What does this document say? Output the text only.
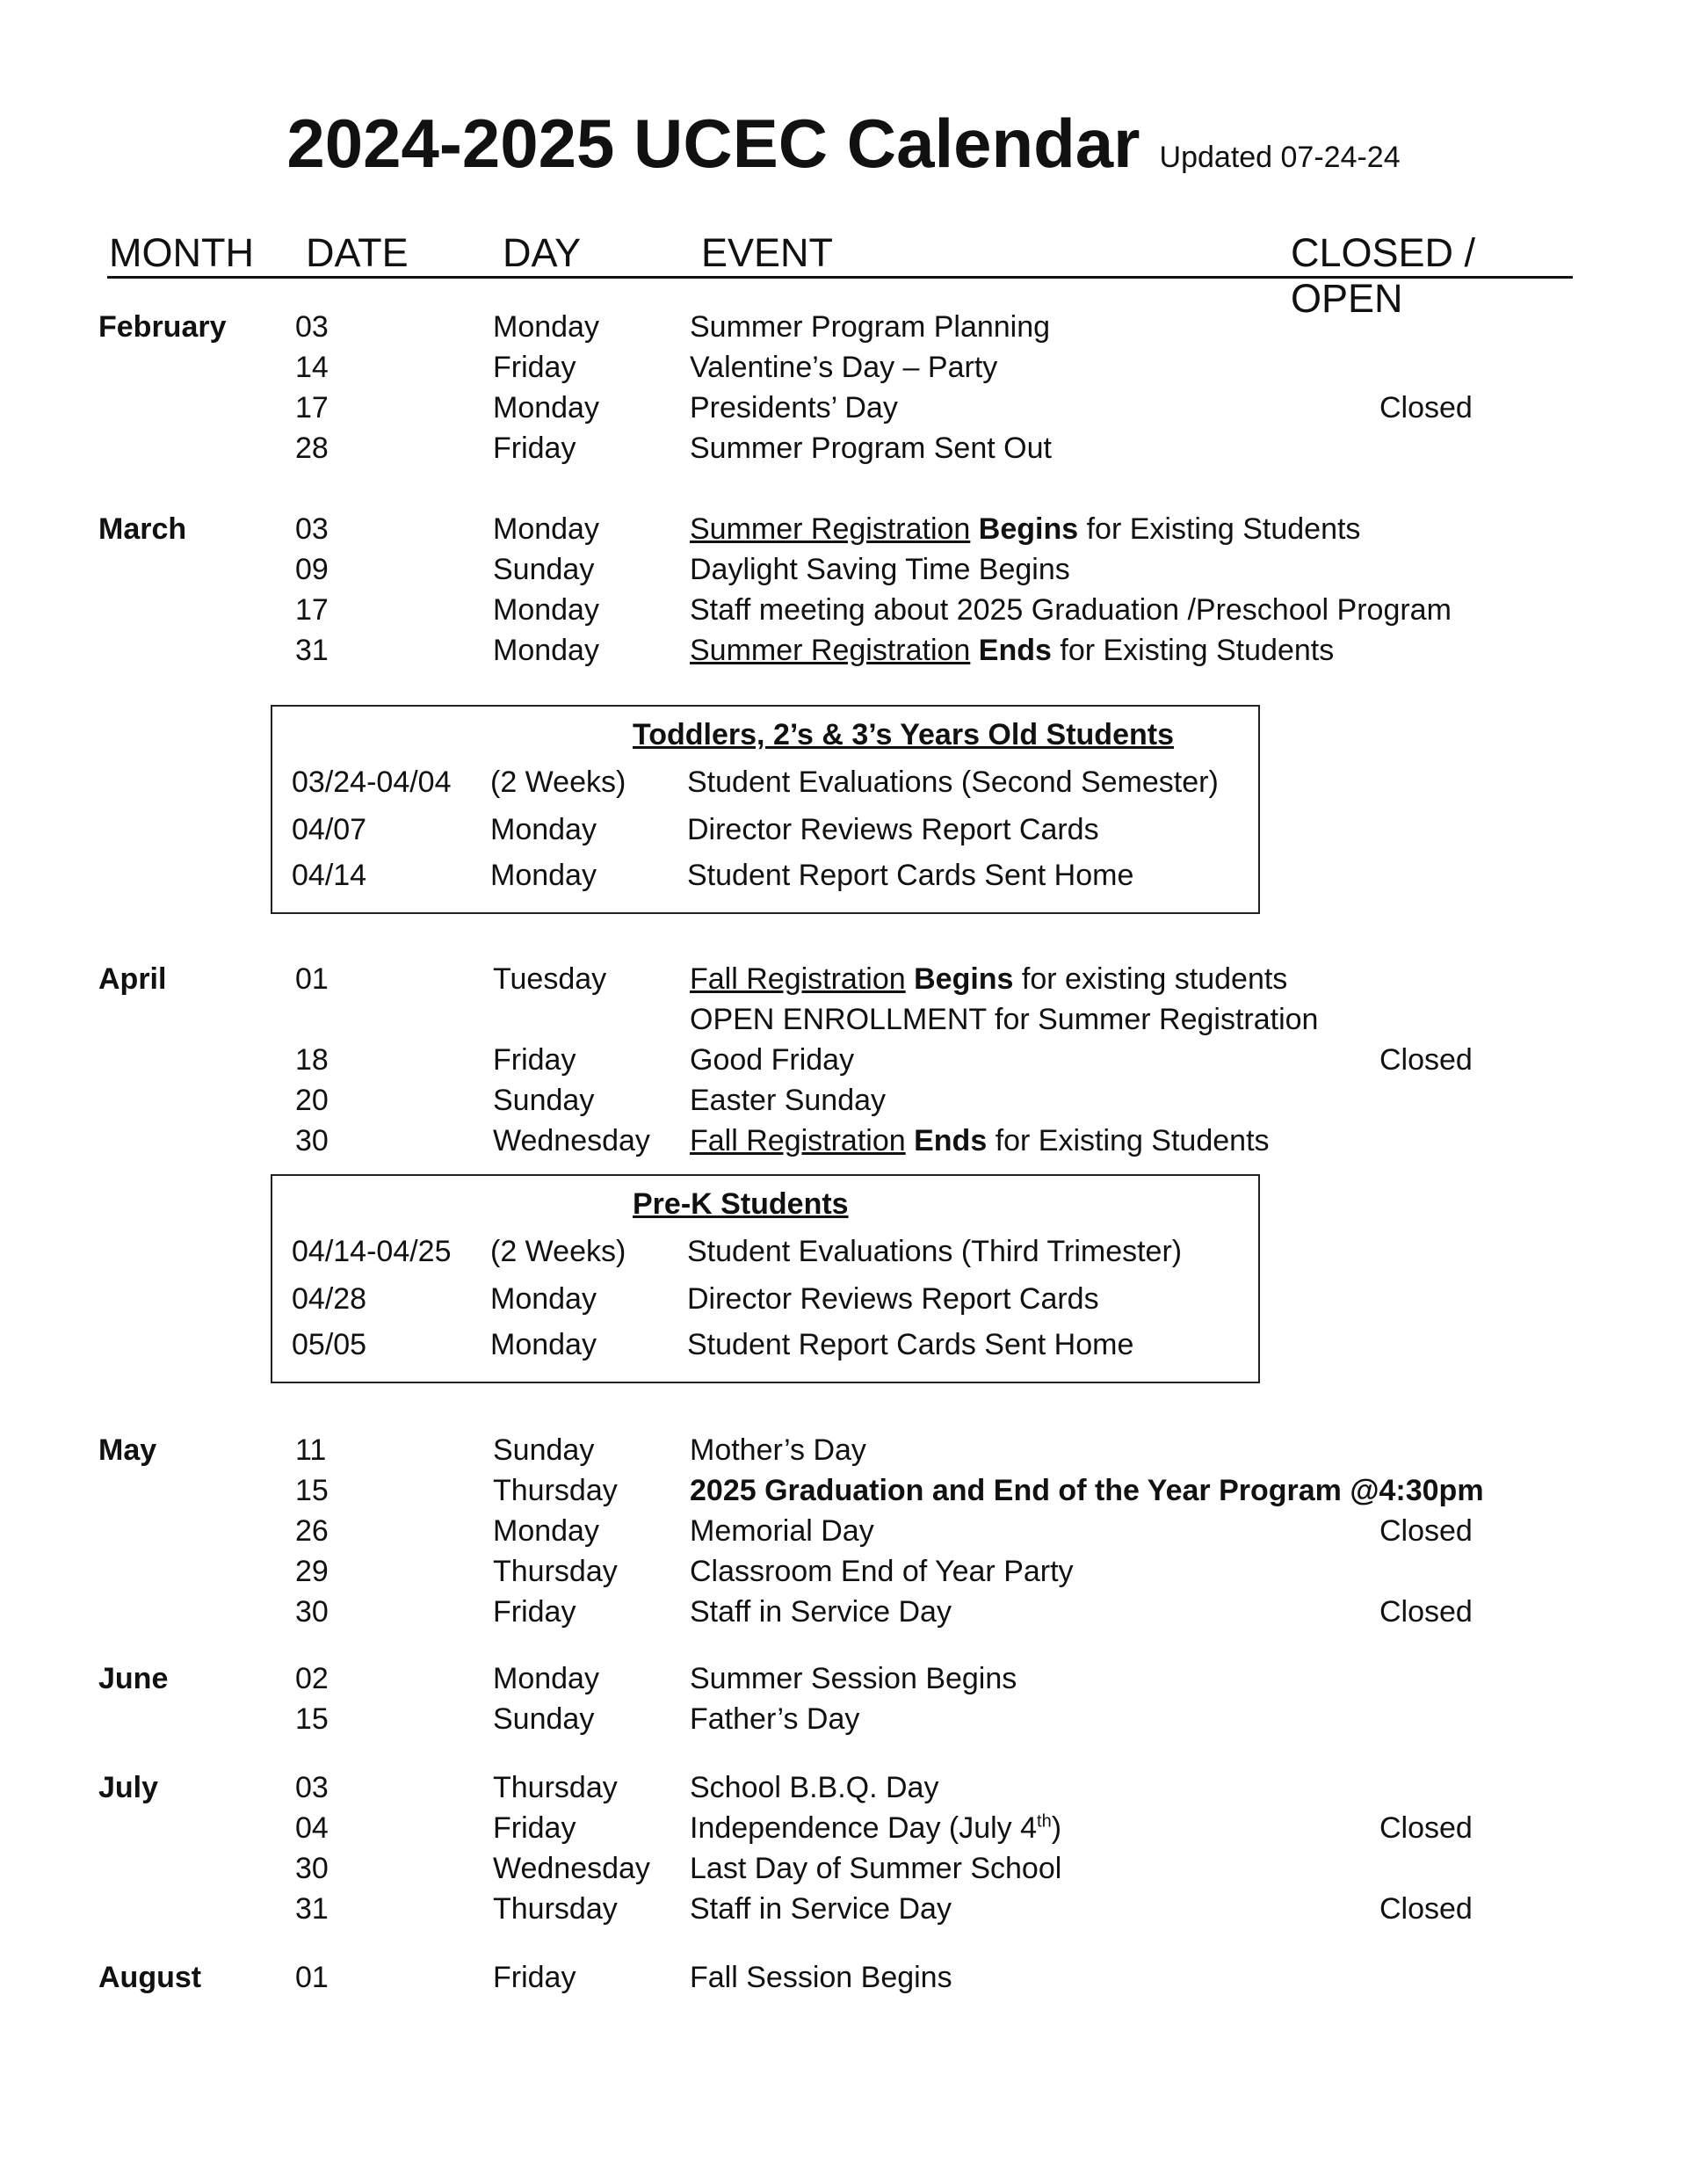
2024-2025 UCEC Calendar Updated 07-24-24
MONTH DATE DAY	EVENT	CLOSED / OPEN
February 03	Monday	Summer Program Planning
14	Friday	Valentine’s Day – Party
17	Monday	Presidents’ Day	Closed
28	Friday	Summer Program Sent Out
March	03	Monday	Summer Registration Begins for Existing Students
09	Sunday	Daylight Saving Time Begins
17	Monday	Staff meeting about 2025 Graduation /Preschool Program
31	Monday	Summer Registration Ends for Existing Students
Toddlers, 2’s & 3’s Years Old Students
03/24-04/04 (2 Weeks) Student Evaluations (Second Semester)
04/07	Monday	Director Reviews Report Cards
04/14	Monday	Student Report Cards Sent Home
April	01	Tuesday	Fall Registration Begins for existing students
OPEN ENROLLMENT for Summer Registration
18	Friday	Good Friday	Closed
20	Sunday	Easter Sunday
30	Wednesday Fall Registration Ends for Existing Students
Pre-K Students
04/14-04/25 (2 Weeks) Student Evaluations (Third Trimester)
04/28	Monday	Director Reviews Report Cards
05/05	Monday	Student Report Cards Sent Home
May	11	Sunday	Mother’s Day
15	Thursday 2025 Graduation and End of the Year Program @4:30pm
26	Monday	Memorial Day	Closed
29	Thursday Classroom End of Year Party
30	Friday	Staff in Service Day	Closed
June	02	Monday	Summer Session Begins
15	Sunday	Father’s Day
July	03	Thursday School B.B.Q. Day
04	Friday	Independence Day (July 4th)	Closed
30	Wednesday Last Day of Summer School
31	Thursday Staff in Service Day	Closed
August	01	Friday	Fall Session Begins
